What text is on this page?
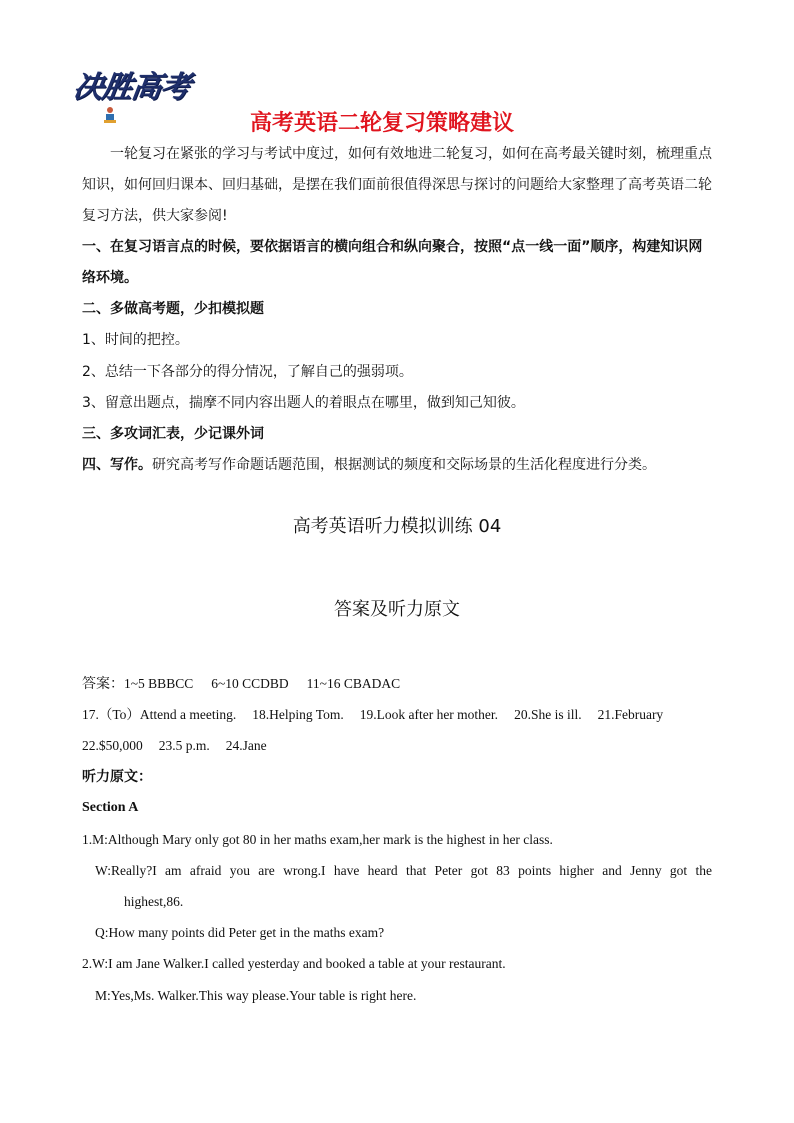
决胜高考
高考英语二轮复习策略建议
一轮复习在紧张的学习与考试中度过，如何有效地进二轮复习，如何在高考最关键时刻，梳理重点
知识，如何回归课本、回归基础，是摆在我们面前很值得深思与探讨的问题给大家整理了高考英语二轮
复习方法，供大家参阅!
一、在复习语言点的时候，要依据语言的横向组合和纵向聚合，按照“点一线一面”顺序，构建知识网
络环境。
二、多做高考题，少扣模拟题
1、时间的把控。
2、总结一下各部分的得分情况，了解自己的强弱项。
3、留意出题点，揣摩不同内容出题人的着眼点在哪里，做到知己知彼。
三、多攻词汇表，少记课外词
四、写作。研究高考写作命题话题范围，根据测试的频度和交际场景的生活化程度进行分类。
高考英语听力模拟训练 04
答案及听力原文
答案：1~5 BBBCC 6~10 CCDBD 11~16 CBADAC
17.（To）Attend a meeting. 18.Helping Tom. 19.Look after her mother. 20.She is ill. 21.February
22.$50,000 23.5 p.m. 24.Jane
听力原文：
Section A
1.M:Although Mary only got 80 in her maths exam,her mark is the highest in her class.
W:Really?I am afraid you are wrong.I have heard that Peter got 83 points higher and Jenny got the
highest,86.
Q:How many points did Peter get in the maths exam?
2.W:I am Jane Walker.I called yesterday and booked a table at your restaurant.
M:Yes,Ms. Walker.This way please.Your table is right here.
